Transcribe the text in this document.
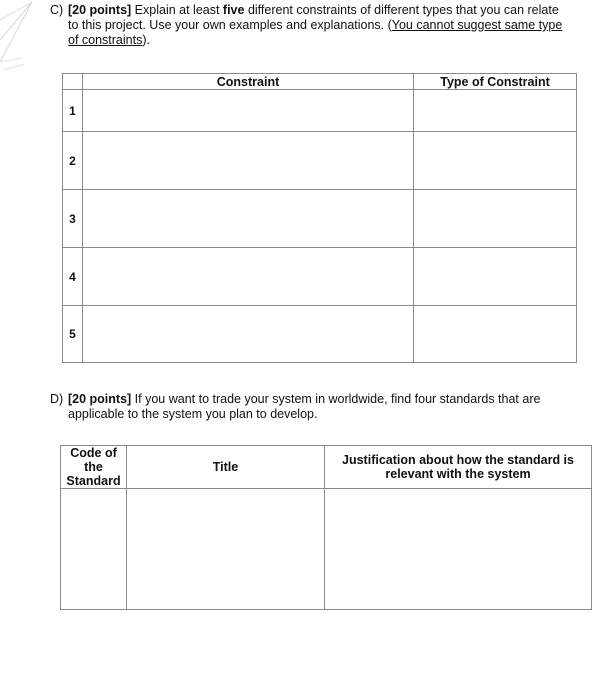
C) [20 points] Explain at least five different constraints of different types that you can relate
to this project. Use your own examples and explanations. (You cannot suggest same type
of constraints).
	Constraint	Type of Constraint
1		
2		
3		
4		
5		
D) [20 points] If you want to trade your system in worldwide, find four standards that are
applicable to the system you plan to develop.
Code of the Standard	Title	Justification about how the standard is relevant with the system
